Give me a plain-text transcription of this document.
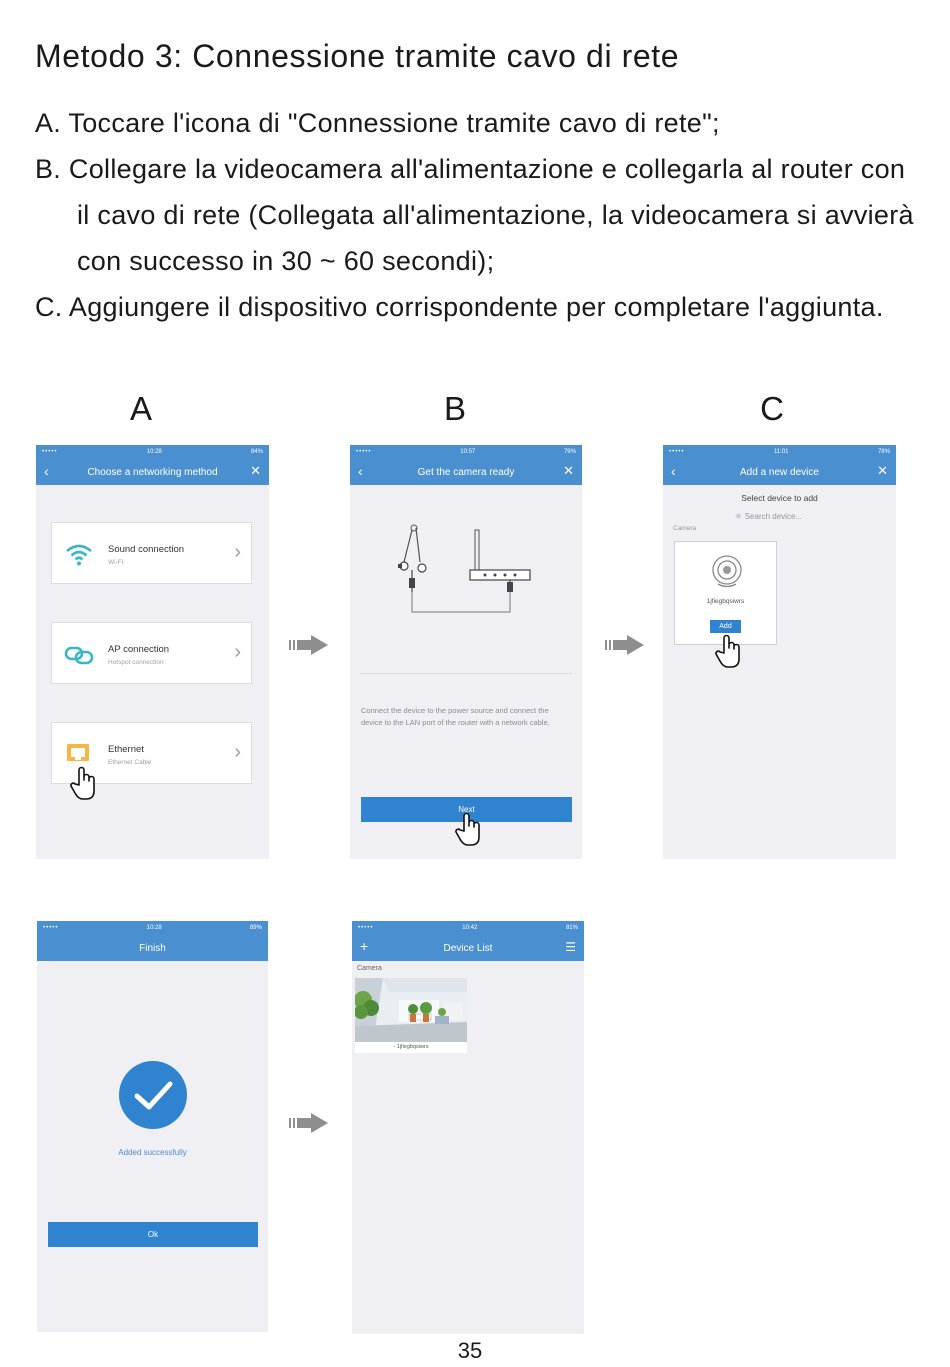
Metodo 3: Connessione tramite cavo di rete
A. Toccare l'icona di "Connessione tramite cavo di rete";
B. Collegare la videocamera all'alimentazione e collegarla al router con il cavo di rete (Collegata all'alimentazione, la videocamera si avvierà con successo in 30 ~ 60 secondi);
C. Aggiungere il dispositivo corrispondente per completare l'aggiunta.
A	B	C
•••••	10:28	84%
‹	Choose a networking method	✕
Sound connection
Wi-Fi	›
AP connection
Hotspot connection	›
Ethernet
Ethernet Cable	›
•••••	10:57	79%
‹	Get the camera ready	✕
Connect the device to the power source and connect the device to the LAN port of the router with a network cable.
Next
•••••	11:01	78%
‹	Add a new device	✕
Select device to add
✳ Search device...
Camera
1jfiegbqsiwrs
Add
•••••	10:28	89%
Finish
Added successfully
Ok
•••••	10:42	81%
+	Device List	☰
Camera
- 1jfiegbqsiwrs
35
